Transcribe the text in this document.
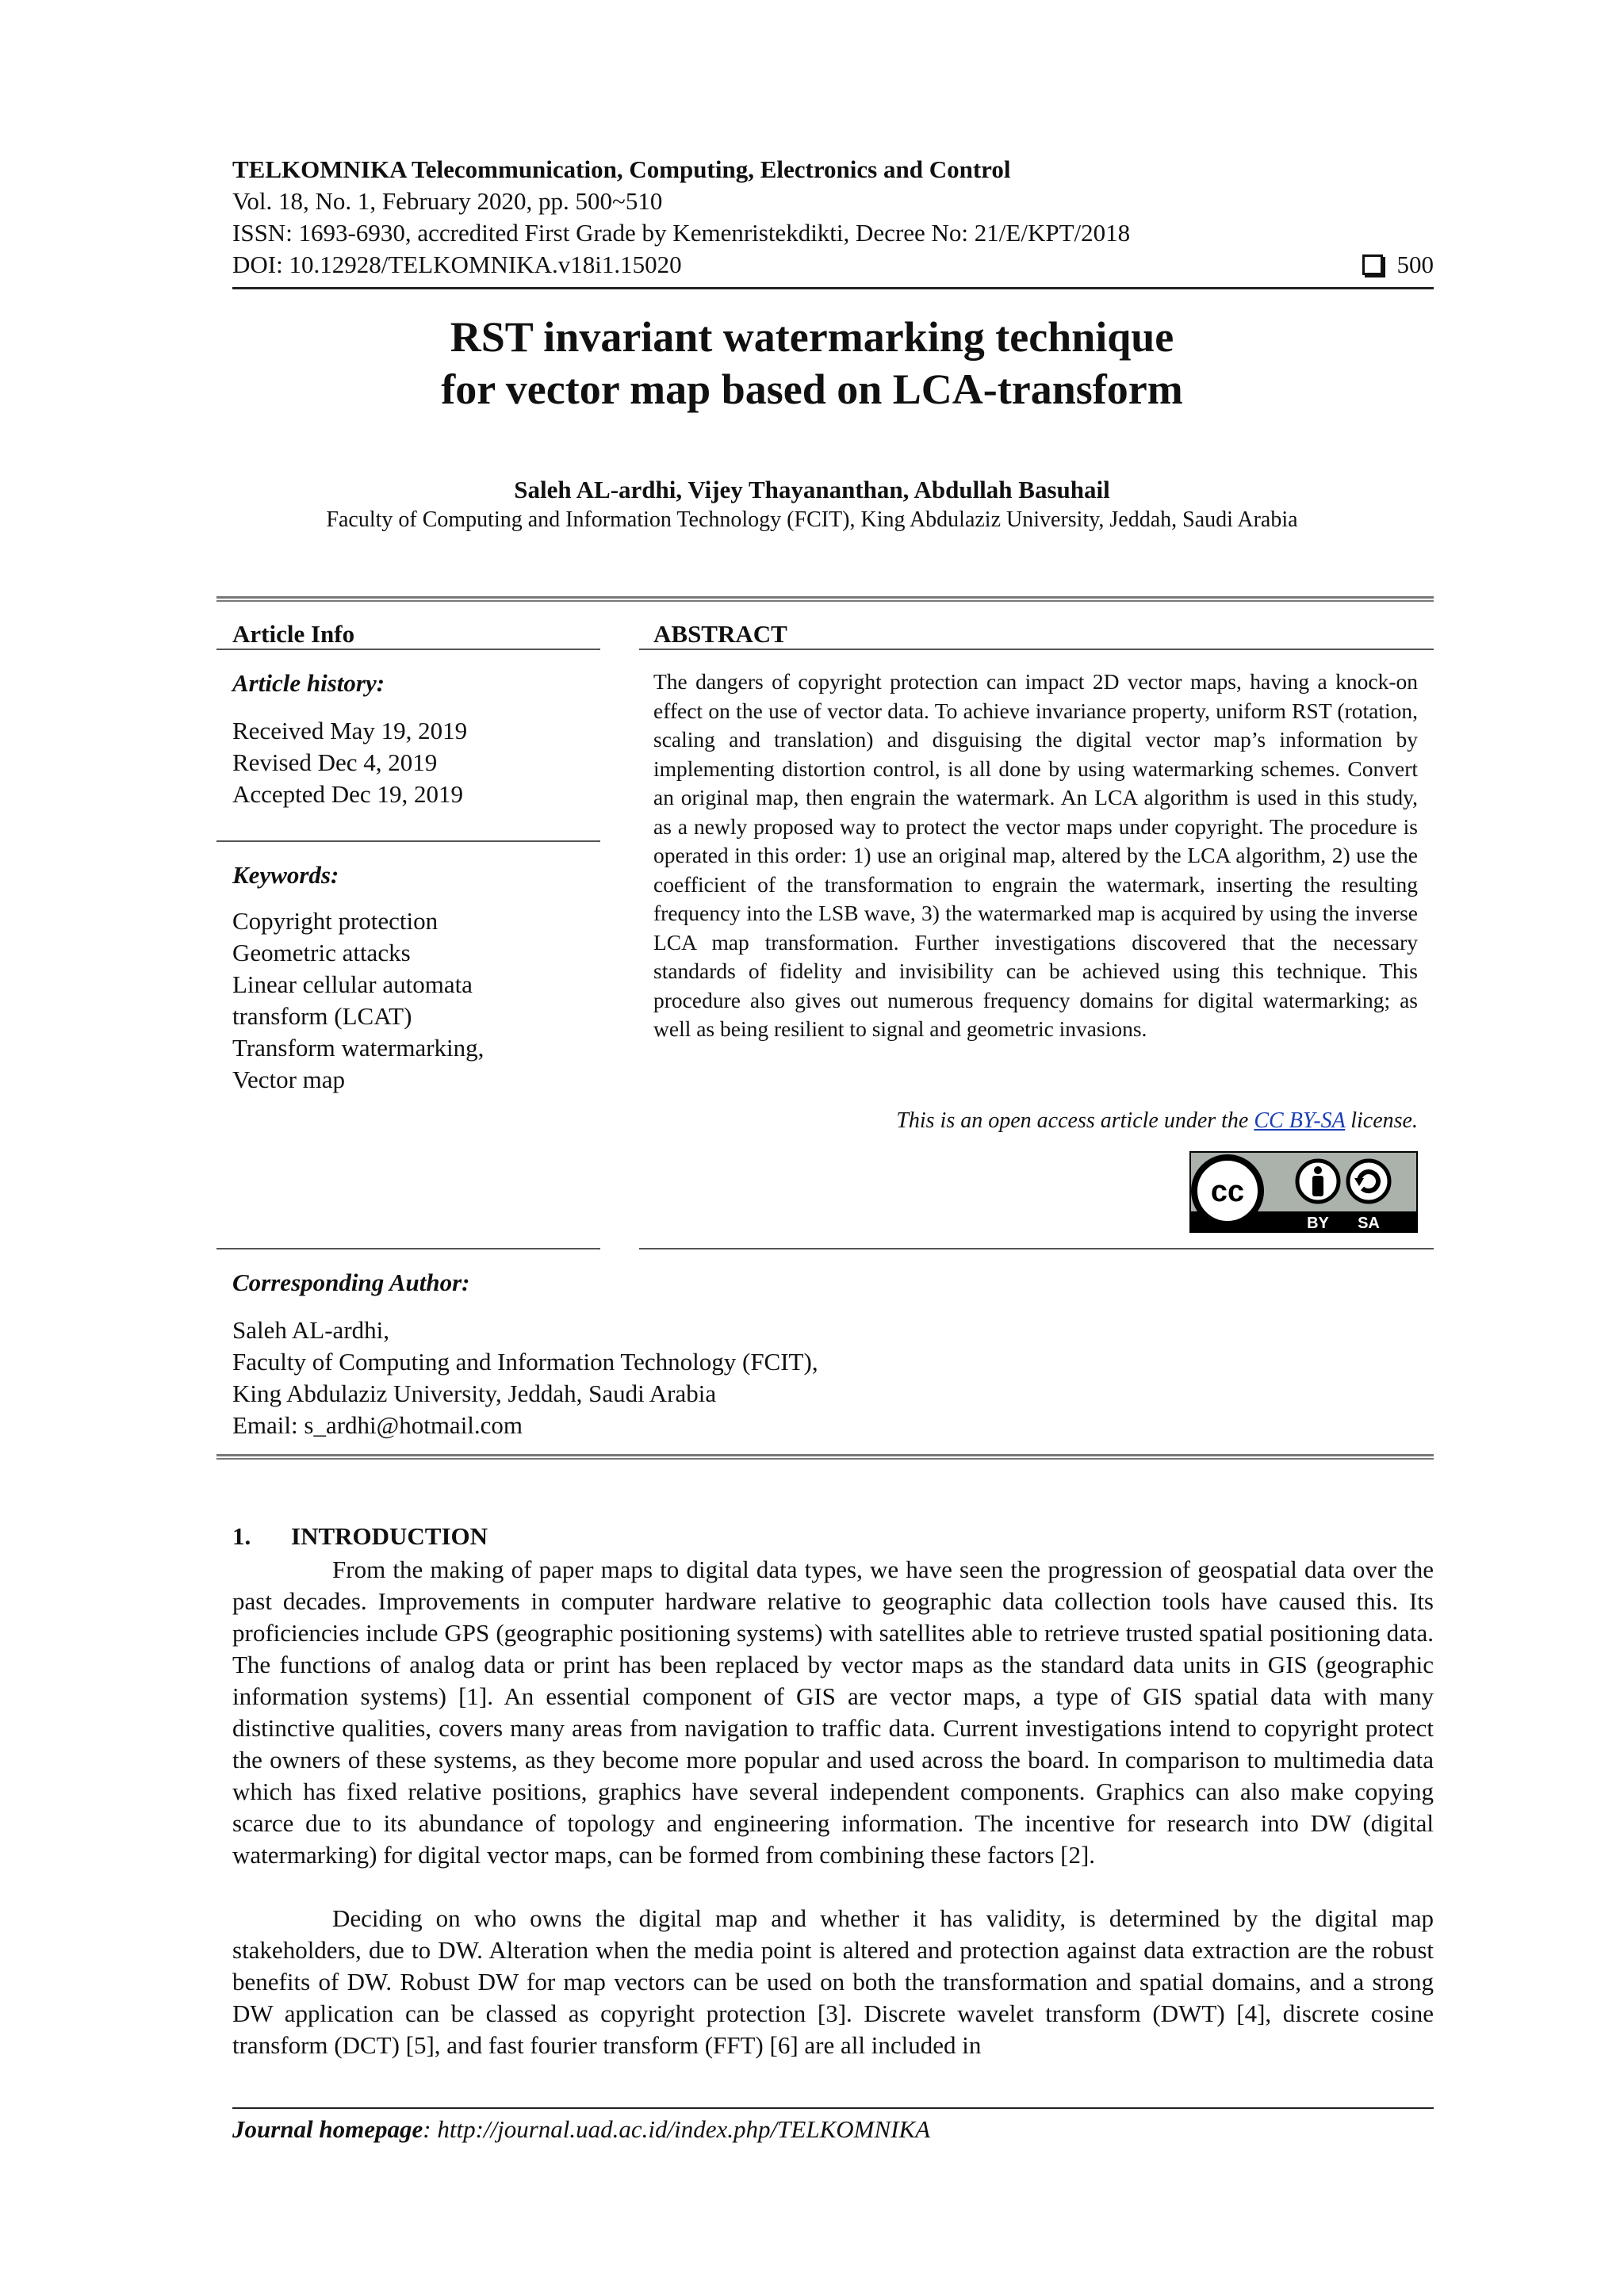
TELKOMNIKA Telecommunication, Computing, Electronics and Control
Vol. 18, No. 1, February 2020, pp. 500~510
ISSN: 1693-6930, accredited First Grade by Kemenristekdikti, Decree No: 21/E/KPT/2018
DOI: 10.12928/TELKOMNIKA.v18i1.15020	500
RST invariant watermarking technique
for vector map based on LCA-transform
Saleh AL-ardhi, Vijey Thayananthan, Abdullah Basuhail
Faculty of Computing and Information Technology (FCIT), King Abdulaziz University, Jeddah, Saudi Arabia
Article Info	ABSTRACT
Article history:
Received May 19, 2019
Revised Dec 4, 2019
Accepted Dec 19, 2019
Keywords:
Copyright protection
Geometric attacks
Linear cellular automata
transform (LCAT)
Transform watermarking,
Vector map
The dangers of copyright protection can impact 2D vector maps, having a knock-on effect on the use of vector data. To achieve invariance property, uniform RST (rotation, scaling and translation) and disguising the digital vector map’s information by implementing distortion control, is all done by using watermarking schemes. Convert an original map, then engrain the watermark. An LCA algorithm is used in this study, as a newly proposed way to protect the vector maps under copyright. The procedure is operated in this order: 1) use an original map, altered by the LCA algorithm, 2) use the coefficient of the transformation to engrain the watermark, inserting the resulting frequency into the LSB wave, 3) the watermarked map is acquired by using the inverse LCA map transformation. Further investigations discovered that the necessary standards of fidelity and invisibility can be achieved using this technique. This procedure also gives out numerous frequency domains for digital watermarking; as well as being resilient to signal and geometric invasions.
This is an open access article under the CC BY-SA license.
cc
BY SA
Corresponding Author:
Saleh AL-ardhi,
Faculty of Computing and Information Technology (FCIT),
King Abdulaziz University, Jeddah, Saudi Arabia
Email: s_ardhi@hotmail.com
1. INTRODUCTION

From the making of paper maps to digital data types, we have seen the progression of geospatial data over the past decades. Improvements in computer hardware relative to geographic data collection tools have caused this. Its proficiencies include GPS (geographic positioning systems) with satellites able to retrieve trusted spatial positioning data. The functions of analog data or print has been replaced by vector maps as the standard data units in GIS (geographic information systems) [1]. An essential component of GIS are vector maps, a type of GIS spatial data with many distinctive qualities, covers many areas from navigation to traffic data. Current investigations intend to copyright protect the owners of these systems, as they become more popular and used across the board. In comparison to multimedia data which has fixed relative positions, graphics have several independent components. Graphics can also make copying scarce due to its abundance of topology and engineering information. The incentive for research into DW (digital watermarking) for digital vector maps, can be formed from combining these factors [2].

Deciding on who owns the digital map and whether it has validity, is determined by the digital map stakeholders, due to DW. Alteration when the media point is altered and protection against data extraction are the robust benefits of DW. Robust DW for map vectors can be used on both the transformation and spatial domains, and a strong DW application can be classed as copyright protection [3]. Discrete wavelet transform (DWT) [4], discrete cosine transform (DCT) [5], and fast fourier transform (FFT) [6] are all included in

Journal homepage: http://journal.uad.ac.id/index.php/TELKOMNIKA
